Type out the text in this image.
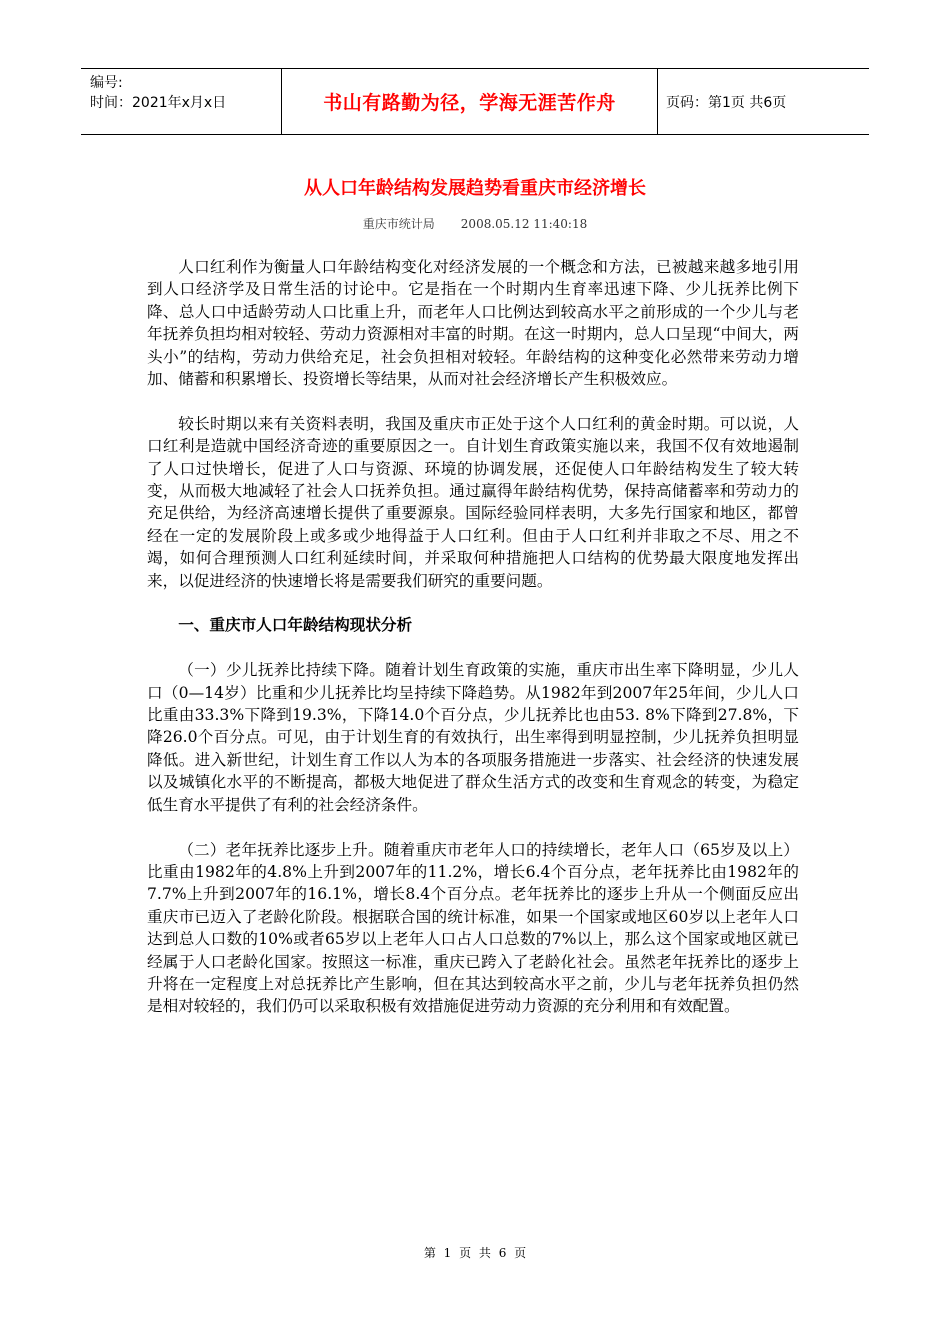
编号:
时间：2021年x月x日	书山有路勤为径，学海无涯苦作舟	页码：第1页 共6页
从人口年龄结构发展趋势看重庆市经济增长
重庆市统计局 2008.05.12 11:40:18

人口红利作为衡量人口年龄结构变化对经济发展的一个概念和方法，已被越来越多地引用到人口经济学及日常生活的讨论中。它是指在一个时期内生育率迅速下降、少儿抚养比例下降、总人口中适龄劳动人口比重上升，而老年人口比例达到较高水平之前形成的一个少儿与老年抚养负担均相对较轻、劳动力资源相对丰富的时期。在这一时期内，总人口呈现“中间大，两头小”的结构，劳动力供给充足，社会负担相对较轻。年龄结构的这种变化必然带来劳动力增加、储蓄和积累增长、投资增长等结果，从而对社会经济增长产生积极效应。

较长时期以来有关资料表明，我国及重庆市正处于这个人口红利的黄金时期。可以说，人口红利是造就中国经济奇迹的重要原因之一。自计划生育政策实施以来，我国不仅有效地遏制了人口过快增长，促进了人口与资源、环境的协调发展，还促使人口年龄结构发生了较大转变，从而极大地减轻了社会人口抚养负担。通过赢得年龄结构优势，保持高储蓄率和劳动力的充足供给，为经济高速增长提供了重要源泉。国际经验同样表明，大多先行国家和地区，都曾经在一定的发展阶段上或多或少地得益于人口红利。但由于人口红利并非取之不尽、用之不竭，如何合理预测人口红利延续时间，并采取何种措施把人口结构的优势最大限度地发挥出来，以促进经济的快速增长将是需要我们研究的重要问题。

一、重庆市人口年龄结构现状分析

（一）少儿抚养比持续下降。随着计划生育政策的实施，重庆市出生率下降明显，少儿人口（0—14岁）比重和少儿抚养比均呈持续下降趋势。从1982年到2007年25年间，少儿人口比重由33.3%下降到19.3%，下降14.0个百分点，少儿抚养比也由53. 8%下降到27.8%，下降26.0个百分点。可见，由于计划生育的有效执行，出生率得到明显控制，少儿抚养负担明显降低。进入新世纪，计划生育工作以人为本的各项服务措施进一步落实、社会经济的快速发展以及城镇化水平的不断提高，都极大地促进了群众生活方式的改变和生育观念的转变，为稳定低生育水平提供了有利的社会经济条件。

（二）老年抚养比逐步上升。随着重庆市老年人口的持续增长，老年人口（65岁及以上）比重由1982年的4.8%上升到2007年的11.2%，增长6.4个百分点，老年抚养比由1982年的7.7%上升到2007年的16.1%，增长8.4个百分点。老年抚养比的逐步上升从一个侧面反应出重庆市已迈入了老龄化阶段。根据联合国的统计标准，如果一个国家或地区60岁以上老年人口达到总人口数的10%或者65岁以上老年人口占人口总数的7%以上，那么这个国家或地区就已经属于人口老龄化国家。按照这一标准，重庆已跨入了老龄化社会。虽然老年抚养比的逐步上升将在一定程度上对总抚养比产生影响，但在其达到较高水平之前，少儿与老年抚养负担仍然是相对较轻的，我们仍可以采取积极有效措施促进劳动力资源的充分利用和有效配置。

第 1 页 共 6 页
